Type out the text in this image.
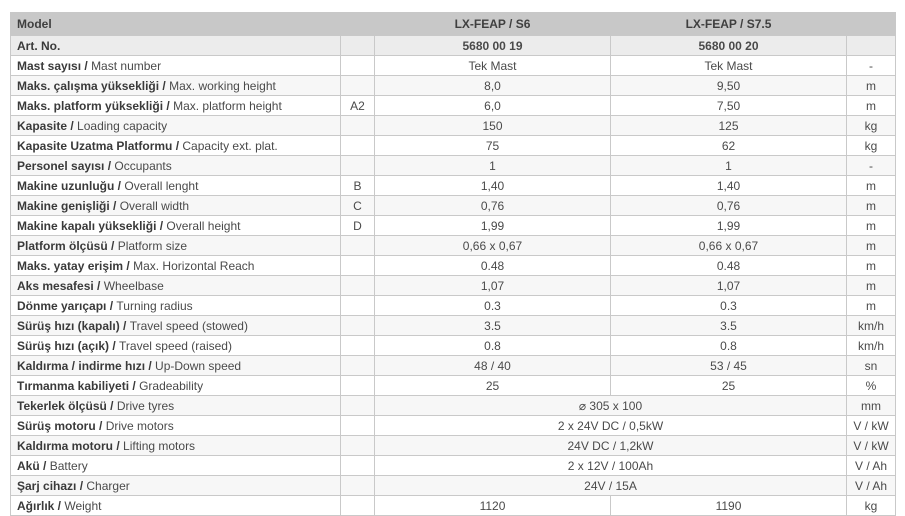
Model		LX-FEAP / S6	LX-FEAP / S7.5	
Art. No.		5680 00 19	5680 00 20	
Mast sayısı / Mast number		Tek Mast	Tek Mast	-
Maks. çalışma yüksekliği / Max. working height		8,0	9,50	m
Maks. platform yüksekliği / Max. platform height	A2	6,0	7,50	m
Kapasite / Loading capacity		150	125	kg
Kapasite Uzatma Platformu / Capacity ext. plat.		75	62	kg
Personel sayısı / Occupants		1	1	-
Makine uzunluğu / Overall lenght	B	1,40	1,40	m
Makine genişliği / Overall width	C	0,76	0,76	m
Makine kapalı yüksekliği / Overall height	D	1,99	1,99	m
Platform ölçüsü / Platform size		0,66 x 0,67	0,66 x 0,67	m
Maks. yatay erişim / Max. Horizontal Reach		0.48	0.48	m
Aks mesafesi / Wheelbase		1,07	1,07	m
Dönme yarıçapı / Turning radius		0.3	0.3	m
Sürüş hızı (kapalı) / Travel speed (stowed)		3.5	3.5	km/h
Sürüş hızı (açık) / Travel speed (raised)		0.8	0.8	km/h
Kaldırma / indirme hızı / Up-Down speed		48 / 40	53 / 45	sn
Tırmanma kabiliyeti / Gradeability		25	25	%
Tekerlek ölçüsü / Drive tyres		⌀ 305 x 100		mm
Sürüş motoru / Drive motors		2 x 24V DC / 0,5kW		V / kW
Kaldırma motoru / Lifting motors		24V DC / 1,2kW		V / kW
Akü / Battery		2 x 12V / 100Ah		V / Ah
Şarj cihazı / Charger		24V / 15A		V / Ah
Ağırlık / Weight		1120	1190	kg
